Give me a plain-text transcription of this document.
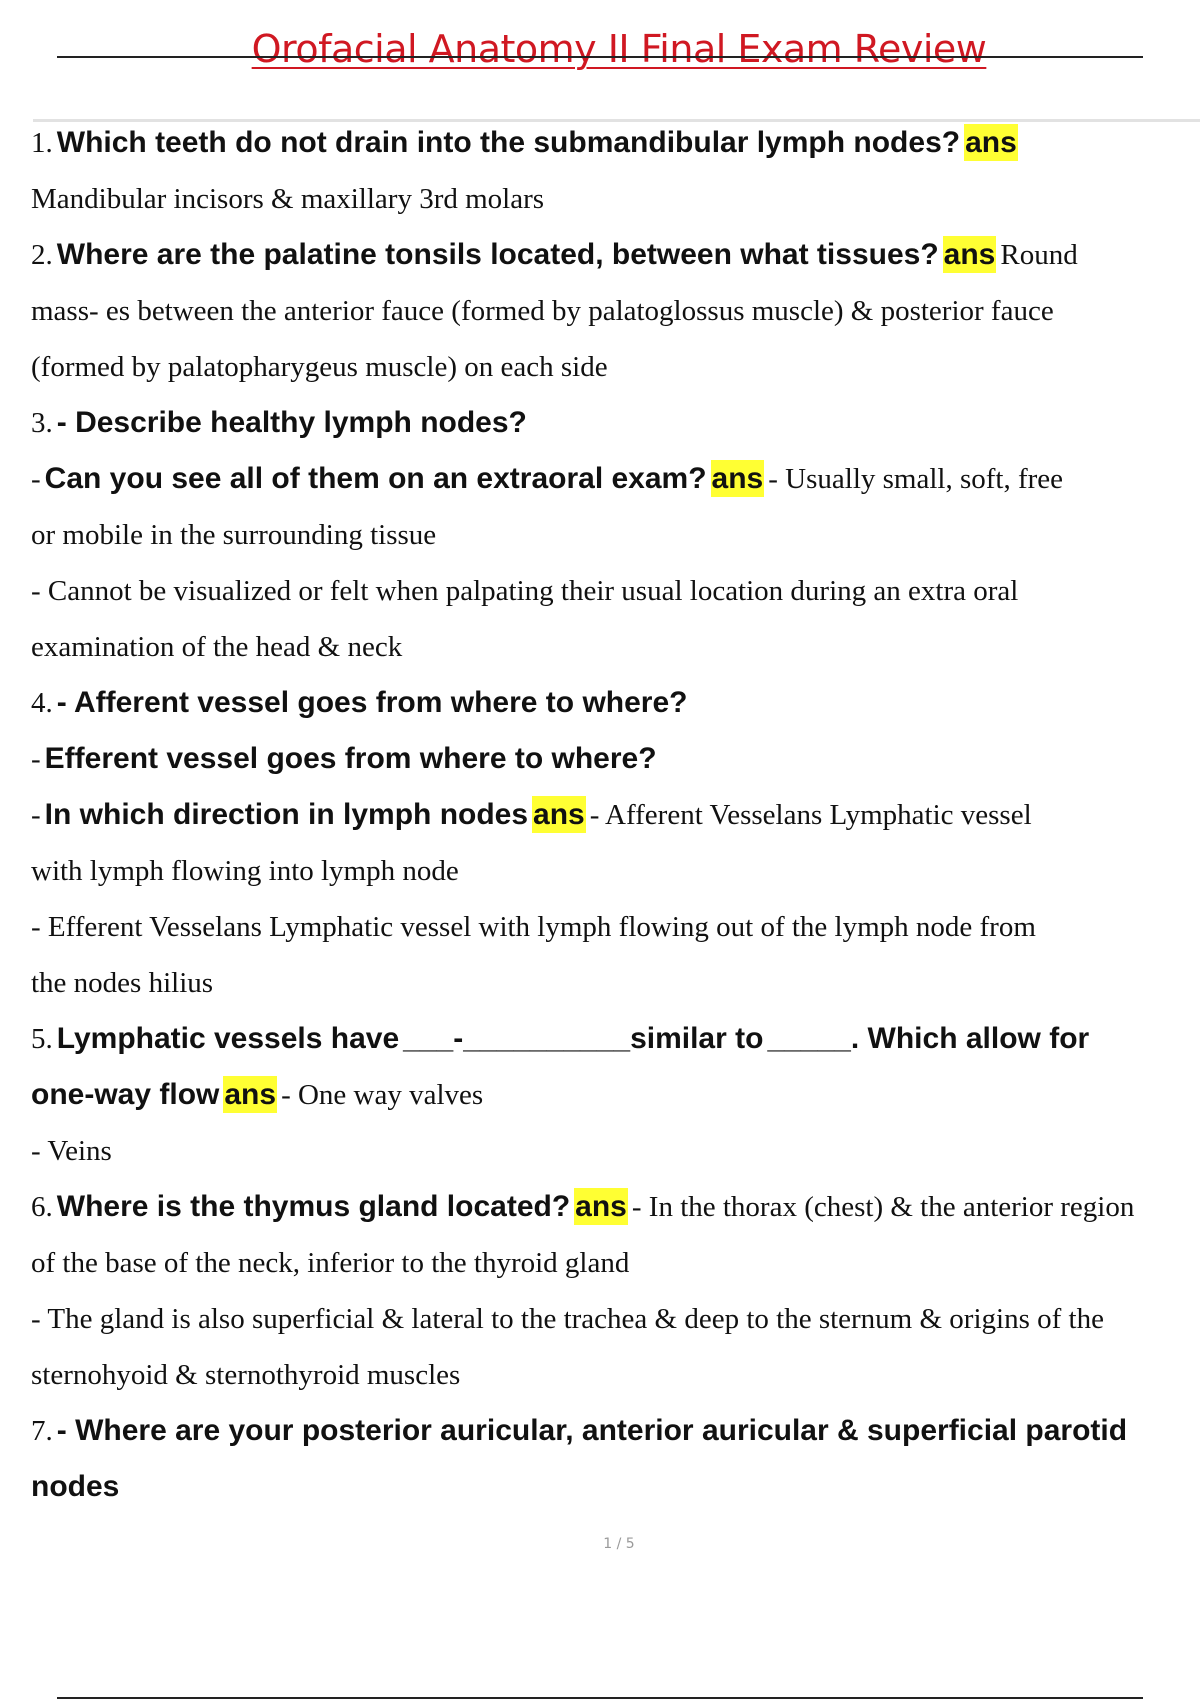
Orofacial Anatomy II Final Exam Review
1. Which teeth do not drain into the submandibular lymph nodes? ans
Mandibular incisors & maxillary 3rd molars
2. Where are the palatine tonsils located, between what tissues? ans Round
mass- es between the anterior fauce (formed by palatoglossus muscle) & posterior fauce
(formed by palatopharygeus muscle) on each side
3. - Describe healthy lymph nodes?
- Can you see all of them on an extraoral exam? ans - Usually small, soft, free
or mobile in the surrounding tissue
- Cannot be visualized or felt when palpating their usual location during an extra oral
examination of the head & neck
4. - Afferent vessel goes from where to where?
- Efferent vessel goes from where to where?
- In which direction in lymph nodes ans - Afferent Vesselans Lymphatic vessel
with lymph flowing into lymph node
- Efferent Vesselans Lymphatic vessel with lymph flowing out of the lymph node from
the nodes hilius
5. Lymphatic vessels have ___-__________similar to _____. Which allow for
one-way flow ans - One way valves
- Veins
6. Where is the thymus gland located? ans - In the thorax (chest) & the anterior region
of the base of the neck, inferior to the thyroid gland
- The gland is also superficial & lateral to the trachea & deep to the sternum & origins of the
sternohyoid & sternothyroid muscles
7. - Where are your posterior auricular, anterior auricular & superficial parotid
nodes
1 / 5
